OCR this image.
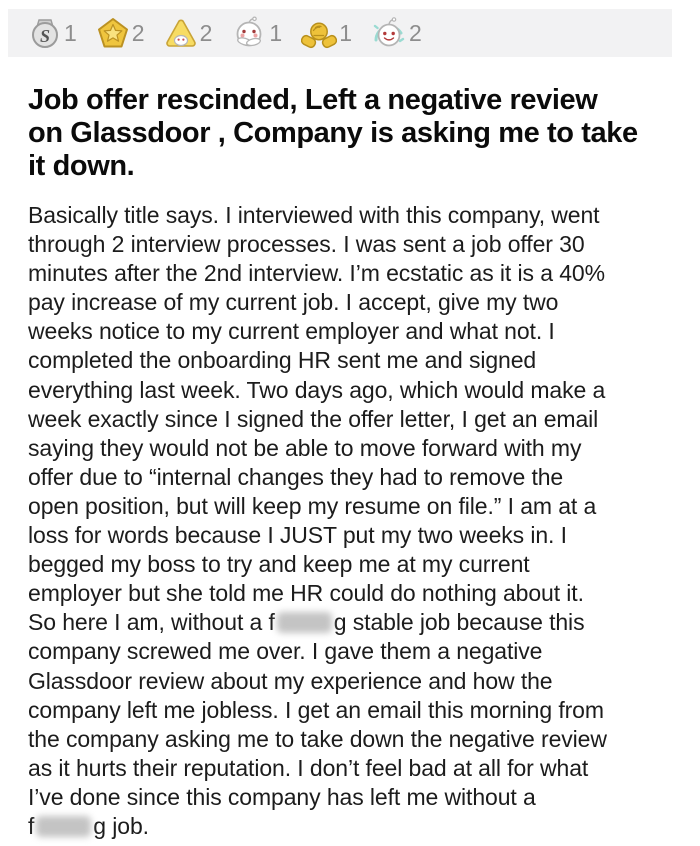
S 1 2 2 1 1 2
Job offer rescinded, Left a negative review
on Glassdoor , Company is asking me to take
it down.
Basically title says. I interviewed with this company, went
through 2 interview processes. I was sent a job offer 30
minutes after the 2nd interview. I’m ecstatic as it is a 40%
pay increase of my current job. I accept, give my two
weeks notice to my current employer and what not. I
completed the onboarding HR sent me and signed
everything last week. Two days ago, which would make a
week exactly since I signed the offer letter, I get an email
saying they would not be able to move forward with my
offer due to “internal changes they had to remove the
open position, but will keep my resume on file.” I am at a
loss for words because I JUST put my two weeks in. I
begged my boss to try and keep me at my current
employer but she told me HR could do nothing about it.
So here I am, without a f	g stable job because this
company screwed me over. I gave them a negative
Glassdoor review about my experience and how the
company left me jobless. I get an email this morning from
the company asking me to take down the negative review
as it hurts their reputation. I don’t feel bad at all for what
I’ve done since this company has left me without a
f	g job.
